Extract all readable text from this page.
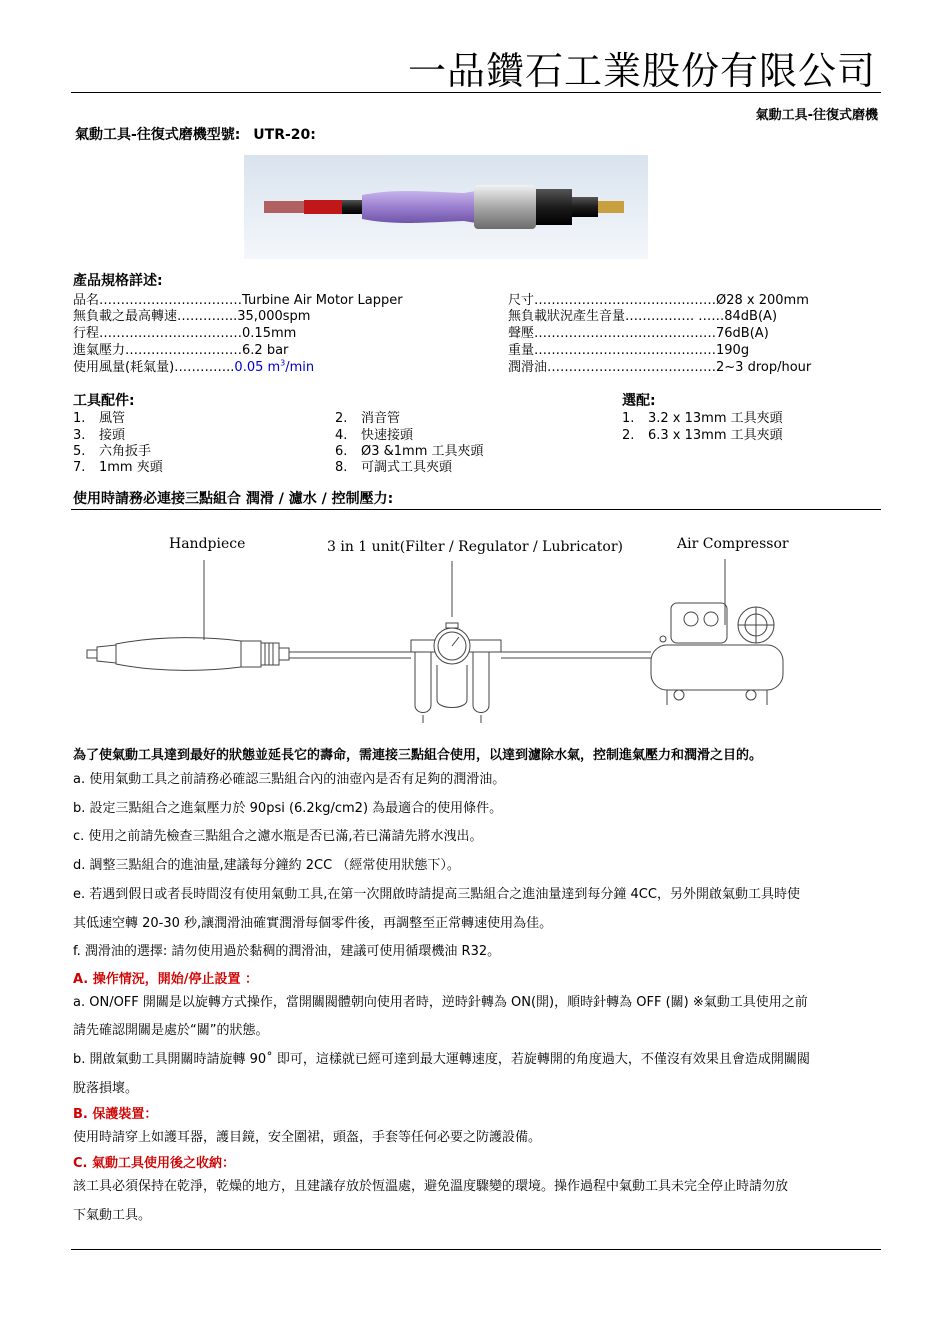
一品鑽石工業股份有限公司
氣動工具-往復式磨機
氣動工具-往復式磨機型號: UTR-20:
產品規格詳述:
品名……………………………Turbine Air Motor Lapper
無負載之最高轉速…………..35,000spm
行程……………………………0.15mm
進氣壓力………………………6.2 bar
使用風量(耗氣量)…………..0.05 $m^3/\min$
尺寸……………………………………Ø28 x 200mm
無負載狀況產生音量……………. ……84dB(A)
聲壓……………………………………76dB(A)
重量……………………………………190g
潤滑油…………………………………2~3 drop/hour
工具配件:
1. 風管
3. 接頭
5. 六角扳手
7. 1mm 夾頭
2. 消音管
4. 快速接頭
6. Ø3 &1mm 工具夾頭
8. 可調式工具夾頭
選配:
1. 3.2 x 13mm 工具夾頭
2. 6.3 x 13mm 工具夾頭
使用時請務必連接三點組合 潤滑 / 濾水 / 控制壓力:
Handpiece	3 in 1 unit(Filter / Regulator / Lubricator)	Air Compressor
為了使氣動工具達到最好的狀態並延長它的壽命，需連接三點組合使用，以達到濾除水氣，控制進氣壓力和潤滑之目的。
a. 使用氣動工具之前請務必確認三點組合內的油壺內是否有足夠的潤滑油。
b. 設定三點組合之進氣壓力於 90psi (6.2kg/cm2) 為最適合的使用條件。
c. 使用之前請先檢查三點組合之濾水瓶是否已滿,若已滿請先將水洩出。
d. 調整三點組合的進油量,建議每分鐘約 2CC （經常使用狀態下）。
e. 若遇到假日或者長時間沒有使用氣動工具,在第一次開啟時請提高三點組合之進油量達到每分鐘 4CC，另外開啟氣動工具時使
其低速空轉 20-30 秒,讓潤滑油確實潤滑每個零件後，再調整至正常轉速使用為佳。
f. 潤滑油的選擇: 請勿使用過於黏稠的潤滑油，建議可使用循環機油 R32。
A. 操作情況，開始/停止設置 ：
a. ON/OFF 開關是以旋轉方式操作，當開關閥體朝向使用者時，逆時針轉為 ON(開)，順時針轉為 OFF (關) ※氣動工具使用之前
請先確認開關是處於“關”的狀態。
b. 開啟氣動工具開關時請旋轉 90˚ 即可，這樣就已經可達到最大運轉速度，若旋轉開的角度過大，不僅沒有效果且會造成開關閥
脫落損壞。
B. 保護裝置：
使用時請穿上如護耳器，護目鏡，安全圍裙，頭盔，手套等任何必要之防護設備。
C. 氣動工具使用後之收納：
該工具必須保持在乾淨，乾燥的地方，且建議存放於恆溫處，避免溫度驟變的環境。操作過程中氣動工具未完全停止時請勿放
下氣動工具。
